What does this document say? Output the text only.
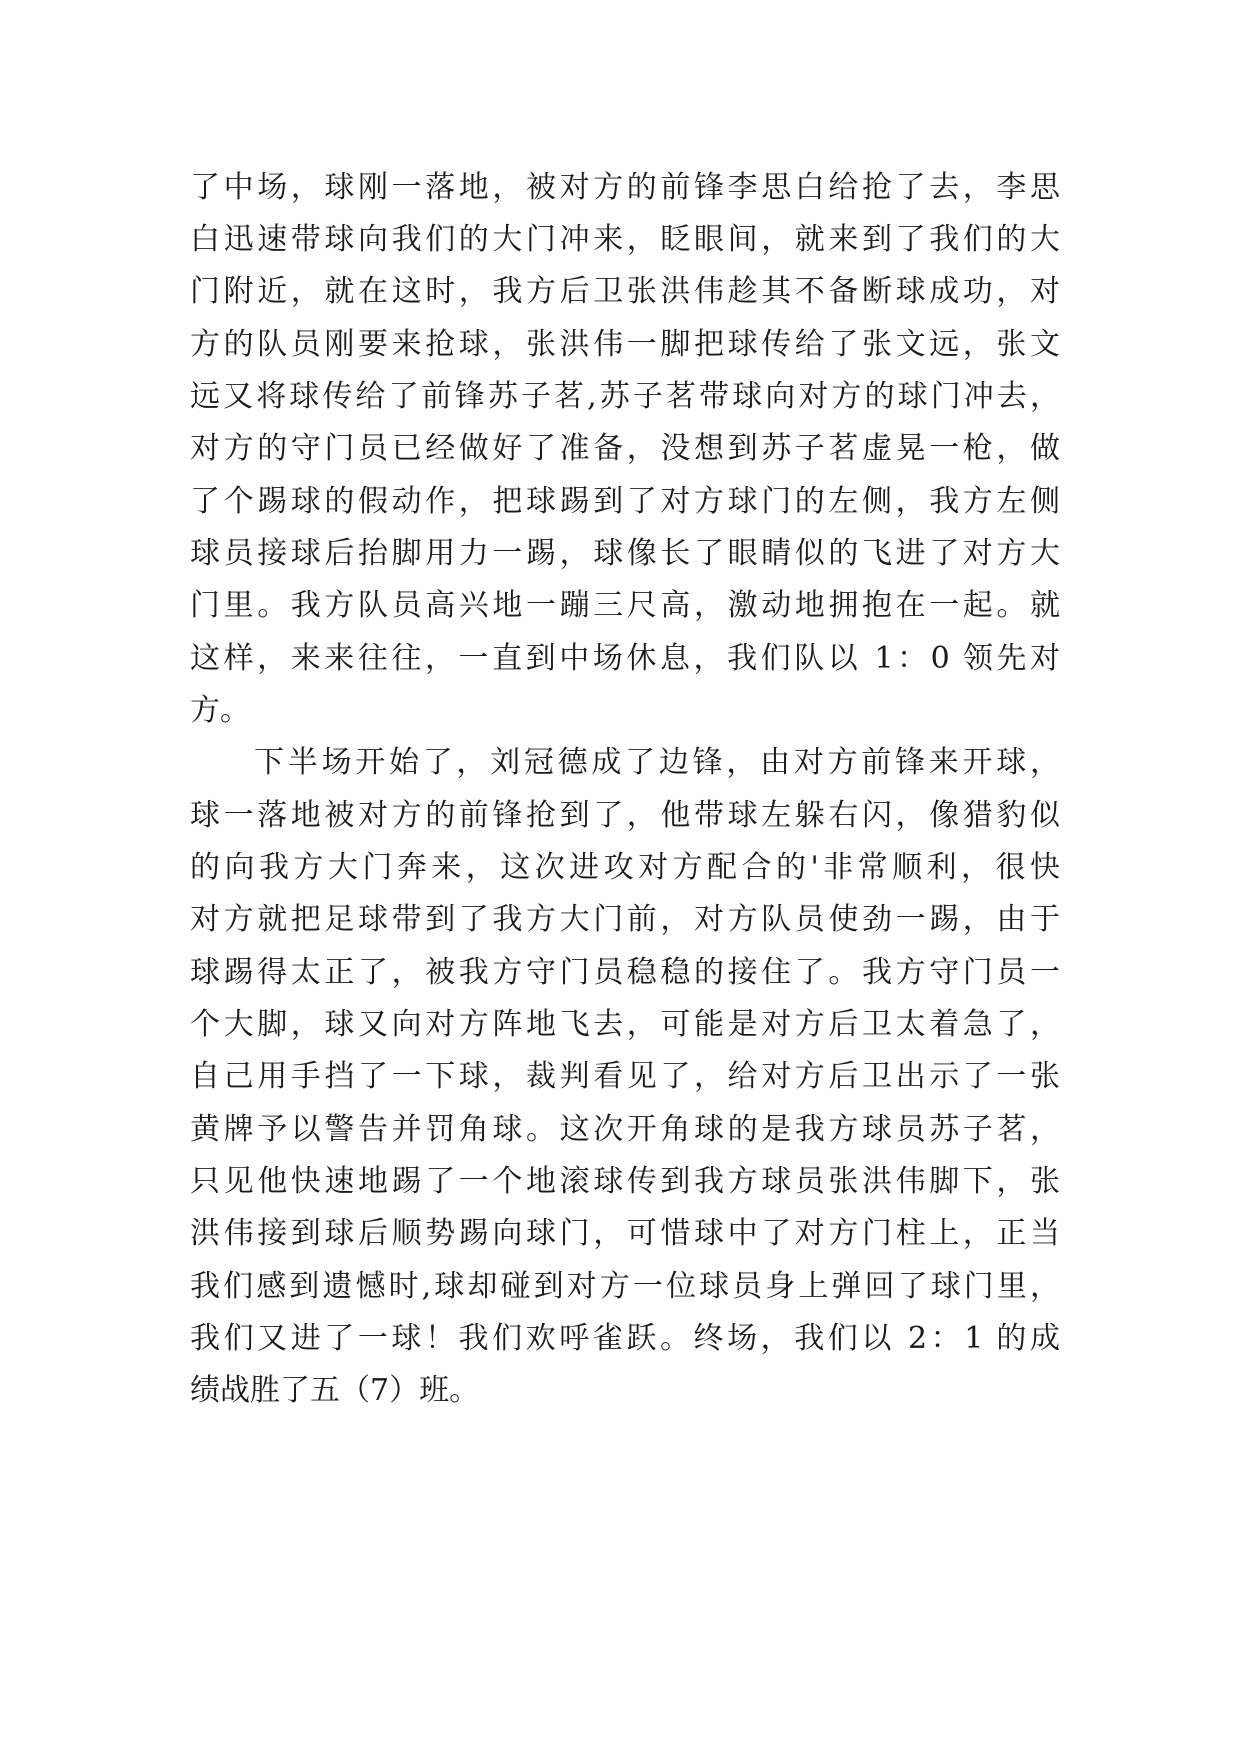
了中场，球刚一落地，被对方的前锋李思白给抢了去，李思
白迅速带球向我们的大门冲来，眨眼间，就来到了我们的大
门附近，就在这时，我方后卫张洪伟趁其不备断球成功，对
方的队员刚要来抢球，张洪伟一脚把球传给了张文远，张文
远又将球传给了前锋苏子茗,苏子茗带球向对方的球门冲去，
对方的守门员已经做好了准备，没想到苏子茗虚晃一枪，做
了个踢球的假动作，把球踢到了对方球门的左侧，我方左侧
球员接球后抬脚用力一踢，球像长了眼睛似的飞进了对方大
门里。我方队员高兴地一蹦三尺高，激动地拥抱在一起。就
这样，来来往往，一直到中场休息，我们队以 1：0 领先对
方。
下半场开始了，刘冠德成了边锋，由对方前锋来开球，
球一落地被对方的前锋抢到了，他带球左躲右闪，像猎豹似
的向我方大门奔来，这次进攻对方配合的'非常顺利，很快
对方就把足球带到了我方大门前，对方队员使劲一踢，由于
球踢得太正了，被我方守门员稳稳的接住了。我方守门员一
个大脚，球又向对方阵地飞去，可能是对方后卫太着急了，
自己用手挡了一下球，裁判看见了，给对方后卫出示了一张
黄牌予以警告并罚角球。这次开角球的是我方球员苏子茗，
只见他快速地踢了一个地滚球传到我方球员张洪伟脚下，张
洪伟接到球后顺势踢向球门，可惜球中了对方门柱上，正当
我们感到遗憾时,球却碰到对方一位球员身上弹回了球门里，
我们又进了一球！我们欢呼雀跃。终场，我们以 2：1 的成
绩战胜了五（7）班。
